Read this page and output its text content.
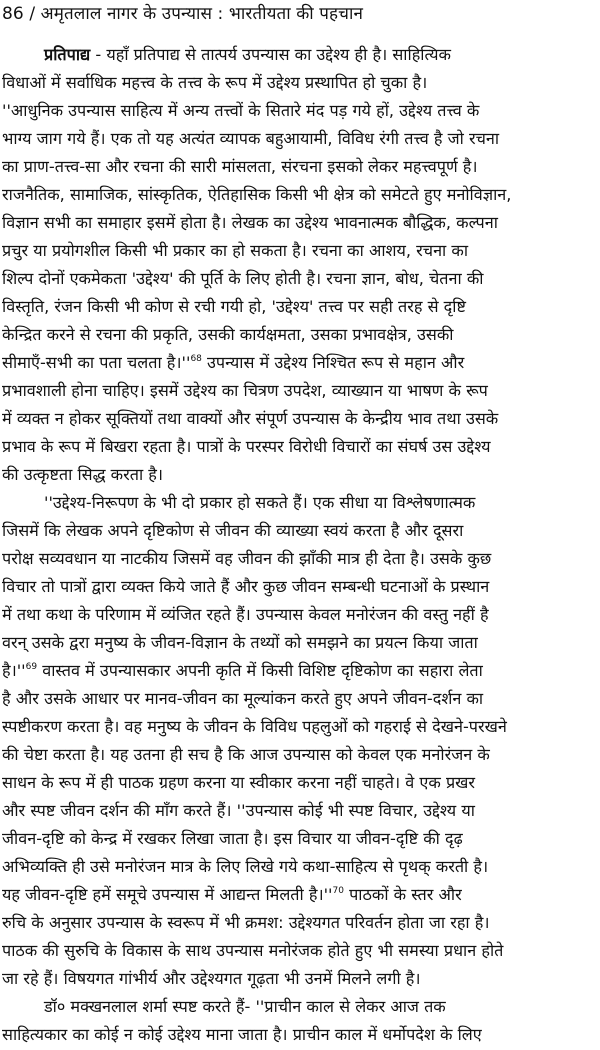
86 / अमृतलाल नागर के उपन्यास : भारतीयता की पहचान
प्रतिपाद्य - यहाँ प्रतिपाद्य से तात्पर्य उपन्यास का उद्देश्य ही है। साहित्यिक
विधाओं में सर्वाधिक महत्त्व के तत्त्व के रूप में उद्देश्य प्रस्थापित हो चुका है।
''आधुनिक उपन्यास साहित्य में अन्य तत्त्वों के सितारे मंद पड़ गये हों, उद्देश्य तत्त्व के
भाग्य जाग गये हैं। एक तो यह अत्यंत व्यापक बहुआयामी, विविध रंगी तत्त्व है जो रचना
का प्राण-तत्त्व-सा और रचना की सारी मांसलता, संरचना इसको लेकर महत्त्वपूर्ण है।
राजनैतिक, सामाजिक, सांस्कृतिक, ऐतिहासिक किसी भी क्षेत्र को समेटते हुए मनोविज्ञान,
विज्ञान सभी का समाहार इसमें होता है। लेखक का उद्देश्य भावनात्मक बौद्धिक, कल्पना
प्रचुर या प्रयोगशील किसी भी प्रकार का हो सकता है। रचना का आशय, रचना का
शिल्प दोनों एकमेकता 'उद्देश्य' की पूर्ति के लिए होती है। रचना ज्ञान, बोध, चेतना की
विस्तृति, रंजन किसी भी कोण से रची गयी हो, 'उद्देश्य' तत्त्व पर सही तरह से दृष्टि
केन्द्रित करने से रचना की प्रकृति, उसकी कार्यक्षमता, उसका प्रभावक्षेत्र, उसकी
सीमाएँ-सभी का पता चलता $है।''^{68}$ उपन्यास में उद्देश्य निश्चित रूप से महान और
प्रभावशाली होना चाहिए। इसमें उद्देश्य का चित्रण उपदेश, व्याख्यान या भाषण के रूप
में व्यक्त न होकर सूक्तियों तथा वाक्यों और संपूर्ण उपन्यास के केन्द्रीय भाव तथा उसके
प्रभाव के रूप में बिखरा रहता है। पात्रों के परस्पर विरोधी विचारों का संघर्ष उस उद्देश्य
की उत्कृष्टता सिद्ध करता है।
''उद्देश्य-निरूपण के भी दो प्रकार हो सकते हैं। एक सीधा या विश्लेषणात्मक
जिसमें कि लेखक अपने दृष्टिकोण से जीवन की व्याख्या स्वयं करता है और दूसरा
परोक्ष सव्यवधान या नाटकीय जिसमें वह जीवन की झाँकी मात्र ही देता है। उसके कुछ
विचार तो पात्रों द्वारा व्यक्त किये जाते हैं और कुछ जीवन सम्बन्धी घटनाओं के प्रस्थान
में तथा कथा के परिणाम में व्यंजित रहते हैं। उपन्यास केवल मनोरंजन की वस्तु नहीं है
वरन् उसके द्वरा मनुष्य के जीवन-विज्ञान के तथ्यों को समझने का प्रयत्न किया जाता
$है।''^{69}$ वास्तव में उपन्यासकार अपनी कृति में किसी विशिष्ट दृष्टिकोण का सहारा लेता
है और उसके आधार पर मानव-जीवन का मूल्यांकन करते हुए अपने जीवन-दर्शन का
स्पष्टीकरण करता है। वह मनुष्य के जीवन के विविध पहलुओं को गहराई से देखने-परखने
की चेष्टा करता है। यह उतना ही सच है कि आज उपन्यास को केवल एक मनोरंजन के
साधन के रूप में ही पाठक ग्रहण करना या स्वीकार करना नहीं चाहते। वे एक प्रखर
और स्पष्ट जीवन दर्शन की माँग करते हैं। ''उपन्यास कोई भी स्पष्ट विचार, उद्देश्य या
जीवन-दृष्टि को केन्द्र में रखकर लिखा जाता है। इस विचार या जीवन-दृष्टि की दृढ़
अभिव्यक्ति ही उसे मनोरंजन मात्र के लिए लिखे गये कथा-साहित्य से पृथक् करती है।
यह जीवन-दृष्टि हमें समूचे उपन्यास में आद्यन्त मिलती $है।''^{70}$ पाठकों के स्तर और
रुचि के अनुसार उपन्यास के स्वरूप में भी क्रमश: उद्देश्यगत परिवर्तन होता जा रहा है।
पाठक की सुरुचि के विकास के साथ उपन्यास मनोरंजक होते हुए भी समस्या प्रधान होते
जा रहे हैं। विषयगत गांभीर्य और उद्देश्यगत गूढ़ता भी उनमें मिलने लगी है।
डॉ० मक्खनलाल शर्मा स्पष्ट करते हैं- ''प्राचीन काल से लेकर आज तक
साहित्यकार का कोई न कोई उद्देश्य माना जाता है। प्राचीन काल में धर्मोपदेश के लिए
